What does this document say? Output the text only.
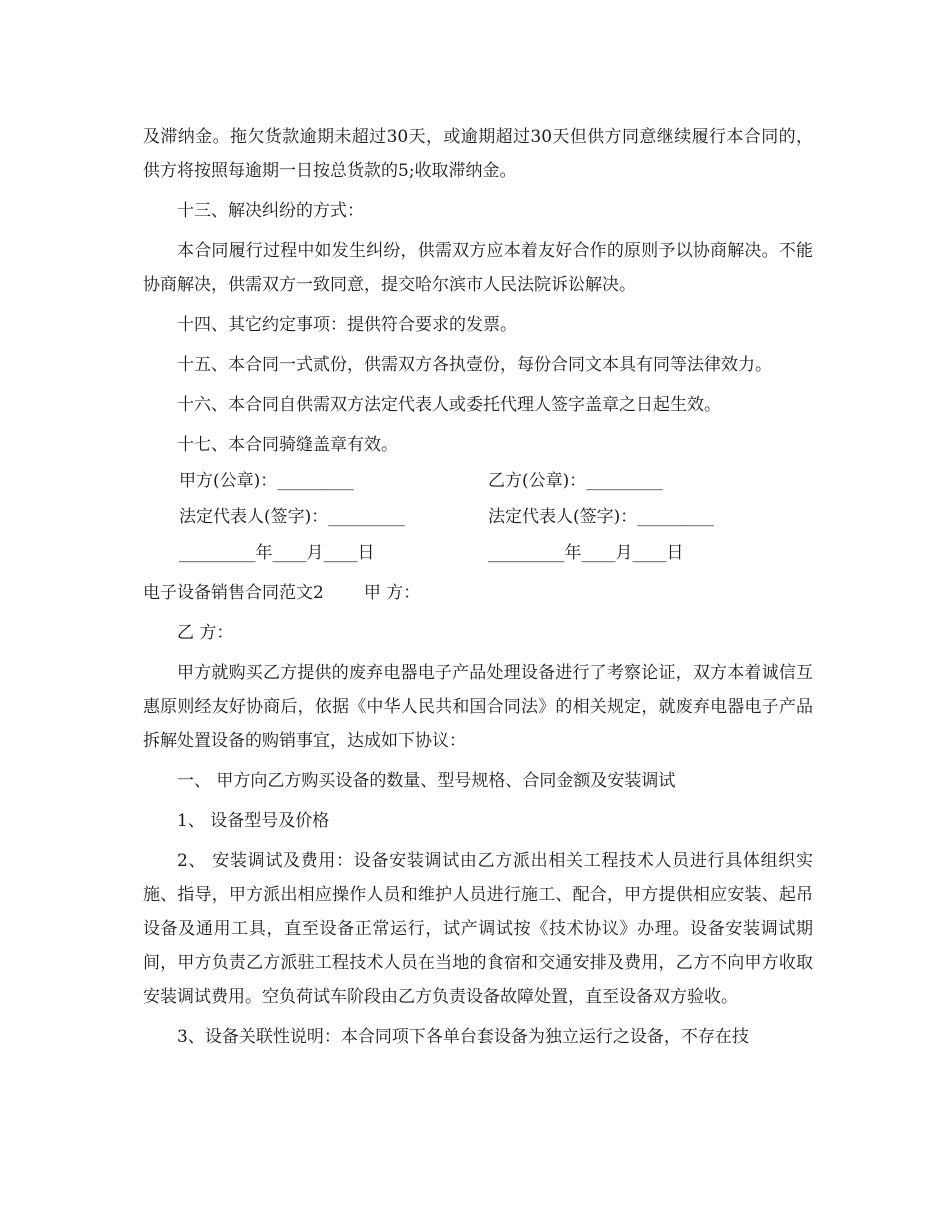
及滞纳金。拖欠货款逾期未超过30天，或逾期超过30天但供方同意继续履行本合同的，供方将按照每逾期一日按总货款的5;收取滞纳金。

十三、解决纠纷的方式：

本合同履行过程中如发生纠纷，供需双方应本着友好合作的原则予以协商解决。不能协商解决，供需双方一致同意，提交哈尔滨市人民法院诉讼解决。

十四、其它约定事项：提供符合要求的发票。

十五、本合同一式贰份，供需双方各执壹份，每份合同文本具有同等法律效力。

十六、本合同自供需双方法定代表人或委托代理人签字盖章之日起生效。

十七、本合同骑缝盖章有效。

甲方(公章)：_________	乙方(公章)：_________
法定代表人(签字)：_________	法定代表人(签字)：_________
_________年____月____日	_________年____月____日

电子设备销售合同范文2 甲 方：

乙 方：

甲方就购买乙方提供的废弃电器电子产品处理设备进行了考察论证，双方本着诚信互惠原则经友好协商后，依据《中华人民共和国合同法》的相关规定，就废弃电器电子产品拆解处置设备的购销事宜，达成如下协议：

一、 甲方向乙方购买设备的数量、型号规格、合同金额及安装调试

1、 设备型号及价格

2、 安装调试及费用：设备安装调试由乙方派出相关工程技术人员进行具体组织实施、指导，甲方派出相应操作人员和维护人员进行施工、配合，甲方提供相应安装、起吊设备及通用工具，直至设备正常运行，试产调试按《技术协议》办理。设备安装调试期间，甲方负责乙方派驻工程技术人员在当地的食宿和交通安排及费用，乙方不向甲方收取安装调试费用。空负荷试车阶段由乙方负责设备故障处置，直至设备双方验收。

3、设备关联性说明：本合同项下各单台套设备为独立运行之设备，不存在技
